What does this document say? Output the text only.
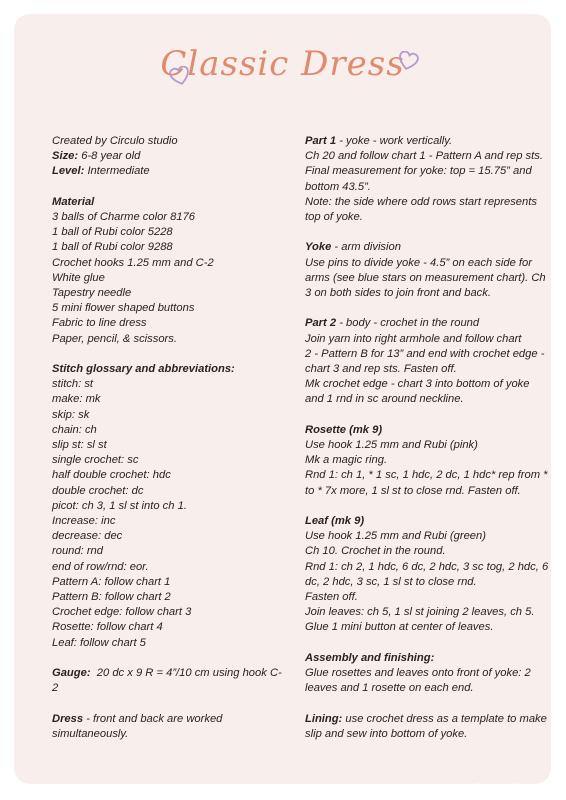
Classic Dress
Created by Circulo studio
Size: 6-8 year old
Level: Intermediate
Material
3 balls of Charme color 8176
1 ball of Rubi color 5228
1 ball of Rubi color 9288
Crochet hooks 1.25 mm and C-2
White glue
Tapestry needle
5 mini flower shaped buttons
Fabric to line dress
Paper, pencil, & scissors.
Stitch glossary and abbreviations:
stitch: st
make: mk
skip: sk
chain: ch
slip st: sl st
single crochet: sc
half double crochet: hdc
double crochet: dc
picot: ch 3, 1 sl st into ch 1.
Increase: inc
decrease: dec
round: rnd
end of row/rnd: eor.
Pattern A: follow chart 1
Pattern B: follow chart 2
Crochet edge: follow chart 3
Rosette: follow chart 4
Leaf: follow chart 5
Gauge:  20 dc x 9 R = 4”/10 cm using hook C-2
Dress - front and back are worked
simultaneously.
Part 1 - yoke - work vertically.
Ch 20 and follow chart 1 - Pattern A and rep sts.
Final measurement for yoke: top = 15.75” and
bottom 43.5”.
Note: the side where odd rows start represents
top of yoke.
Yoke - arm division
Use pins to divide yoke - 4.5” on each side for
arms (see blue stars on measurement chart). Ch
3 on both sides to join front and back.
Part 2 - body - crochet in the round
Join yarn into right armhole and follow chart
2 - Pattern B for 13” and end with crochet edge -
chart 3 and rep sts. Fasten off.
Mk crochet edge - chart 3 into bottom of yoke
and 1 rnd in sc around neckline.
Rosette (mk 9)
Use hook 1.25 mm and Rubi (pink)
Mk a magic ring.
Rnd 1: ch 1, * 1 sc, 1 hdc, 2 dc, 1 hdc* rep from *
to * 7x more, 1 sl st to close rnd. Fasten off.
Leaf (mk 9)
Use hook 1.25 mm and Rubi (green)
Ch 10. Crochet in the round.
Rnd 1: ch 2, 1 hdc, 6 dc, 2 hdc, 3 sc tog, 2 hdc, 6
dc, 2 hdc, 3 sc, 1 sl st to close rnd.
Fasten off.
Join leaves: ch 5, 1 sl st joining 2 leaves, ch 5.
Glue 1 mini button at center of leaves.
Assembly and finishing:
Glue rosettes and leaves onto front of yoke: 2
leaves and 1 rosette on each end.
Lining: use crochet dress as a template to make
slip and sew into bottom of yoke.
PassionForum.ru
